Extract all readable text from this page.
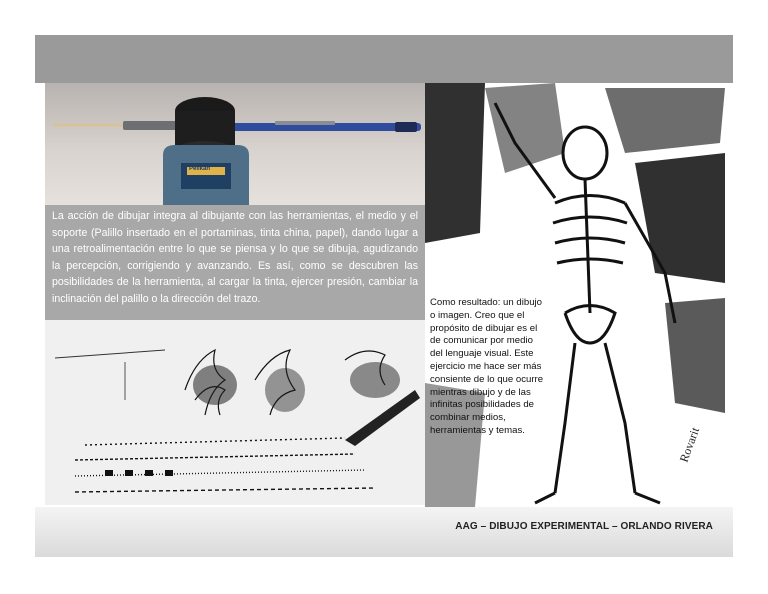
Pelikan
La acción de dibujar integra al dibujante con las herramientas, el medio y el soporte (Palillo insertado en el portaminas, tinta china, papel), dando lugar a una retroalimentación entre lo que se piensa y lo que se dibuja, agudizando la percepción, corrigiendo y avanzando. Es así, como se descubren las posibilidades de la herramienta, al cargar la tinta, ejercer presión, cambiar la inclinación del palillo o la dirección del trazo.
Rovarit
Como resultado: un dibujo o imagen. Creo que el propósito de dibujar es el de comunicar por medio del lenguaje visual. Este ejercicio me hace ser más consiente de lo que ocurre mientras dibujo y de las infinitas posibilidades de combinar medios, herramientas y temas.
AAG – DIBUJO EXPERIMENTAL – ORLANDO RIVERA
